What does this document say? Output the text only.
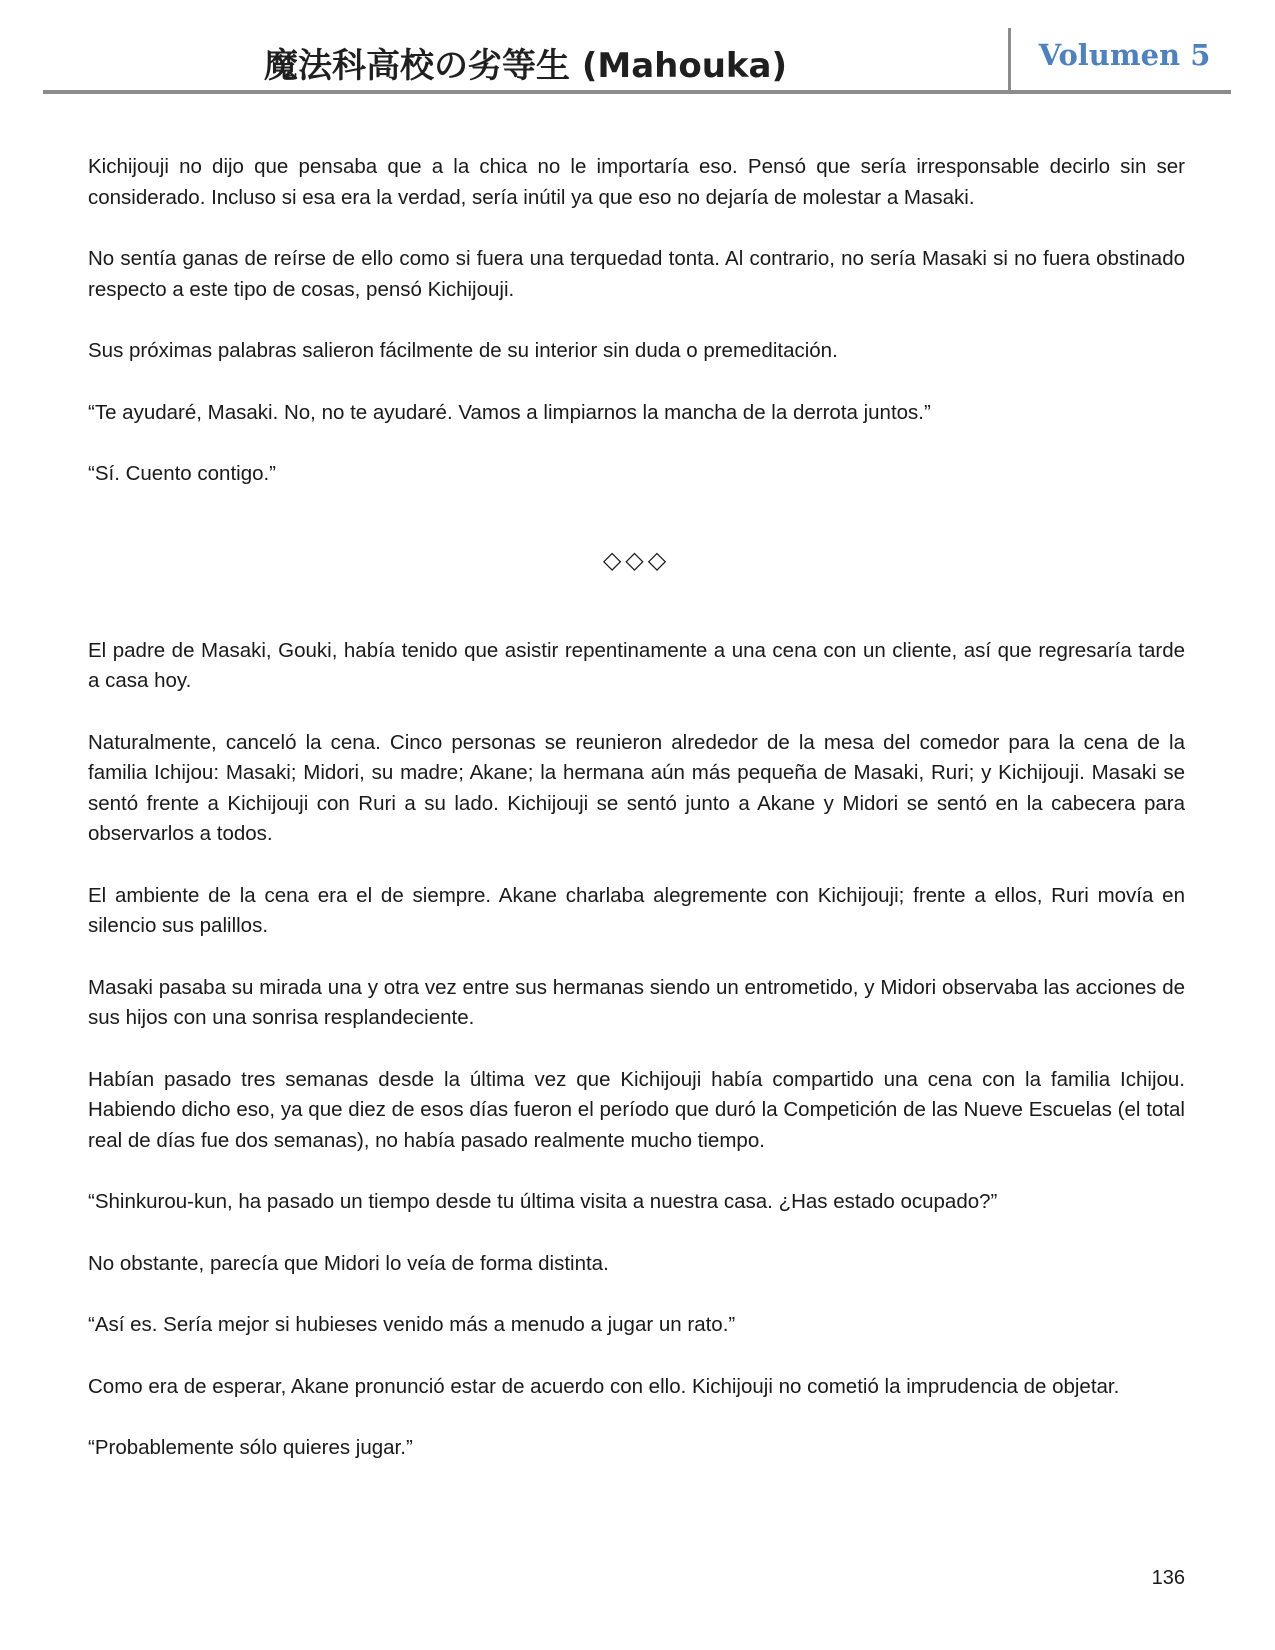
魔法科高校の劣等生 (Mahouka)	Volumen 5

Kichijouji no dijo que pensaba que a la chica no le importaría eso. Pensó que sería irresponsable decirlo sin ser considerado. Incluso si esa era la verdad, sería inútil ya que eso no dejaría de molestar a Masaki.

No sentía ganas de reírse de ello como si fuera una terquedad tonta. Al contrario, no sería Masaki si no fuera obstinado respecto a este tipo de cosas, pensó Kichijouji.

Sus próximas palabras salieron fácilmente de su interior sin duda o premeditación.

“Te ayudaré, Masaki. No, no te ayudaré. Vamos a limpiarnos la mancha de la derrota juntos.”

“Sí. Cuento contigo.”

◇◇◇

El padre de Masaki, Gouki, había tenido que asistir repentinamente a una cena con un cliente, así que regresaría tarde a casa hoy.

Naturalmente, canceló la cena. Cinco personas se reunieron alrededor de la mesa del comedor para la cena de la familia Ichijou: Masaki; Midori, su madre; Akane; la hermana aún más pequeña de Masaki, Ruri; y Kichijouji. Masaki se sentó frente a Kichijouji con Ruri a su lado. Kichijouji se sentó junto a Akane y Midori se sentó en la cabecera para observarlos a todos.

El ambiente de la cena era el de siempre. Akane charlaba alegremente con Kichijouji; frente a ellos, Ruri movía en silencio sus palillos.

Masaki pasaba su mirada una y otra vez entre sus hermanas siendo un entrometido, y Midori observaba las acciones de sus hijos con una sonrisa resplandeciente.

Habían pasado tres semanas desde la última vez que Kichijouji había compartido una cena con la familia Ichijou. Habiendo dicho eso, ya que diez de esos días fueron el período que duró la Competición de las Nueve Escuelas (el total real de días fue dos semanas), no había pasado realmente mucho tiempo.

“Shinkurou-kun, ha pasado un tiempo desde tu última visita a nuestra casa. ¿Has estado ocupado?”

No obstante, parecía que Midori lo veía de forma distinta.

“Así es. Sería mejor si hubieses venido más a menudo a jugar un rato.”

Como era de esperar, Akane pronunció estar de acuerdo con ello. Kichijouji no cometió la imprudencia de objetar.

“Probablemente sólo quieres jugar.”

136
